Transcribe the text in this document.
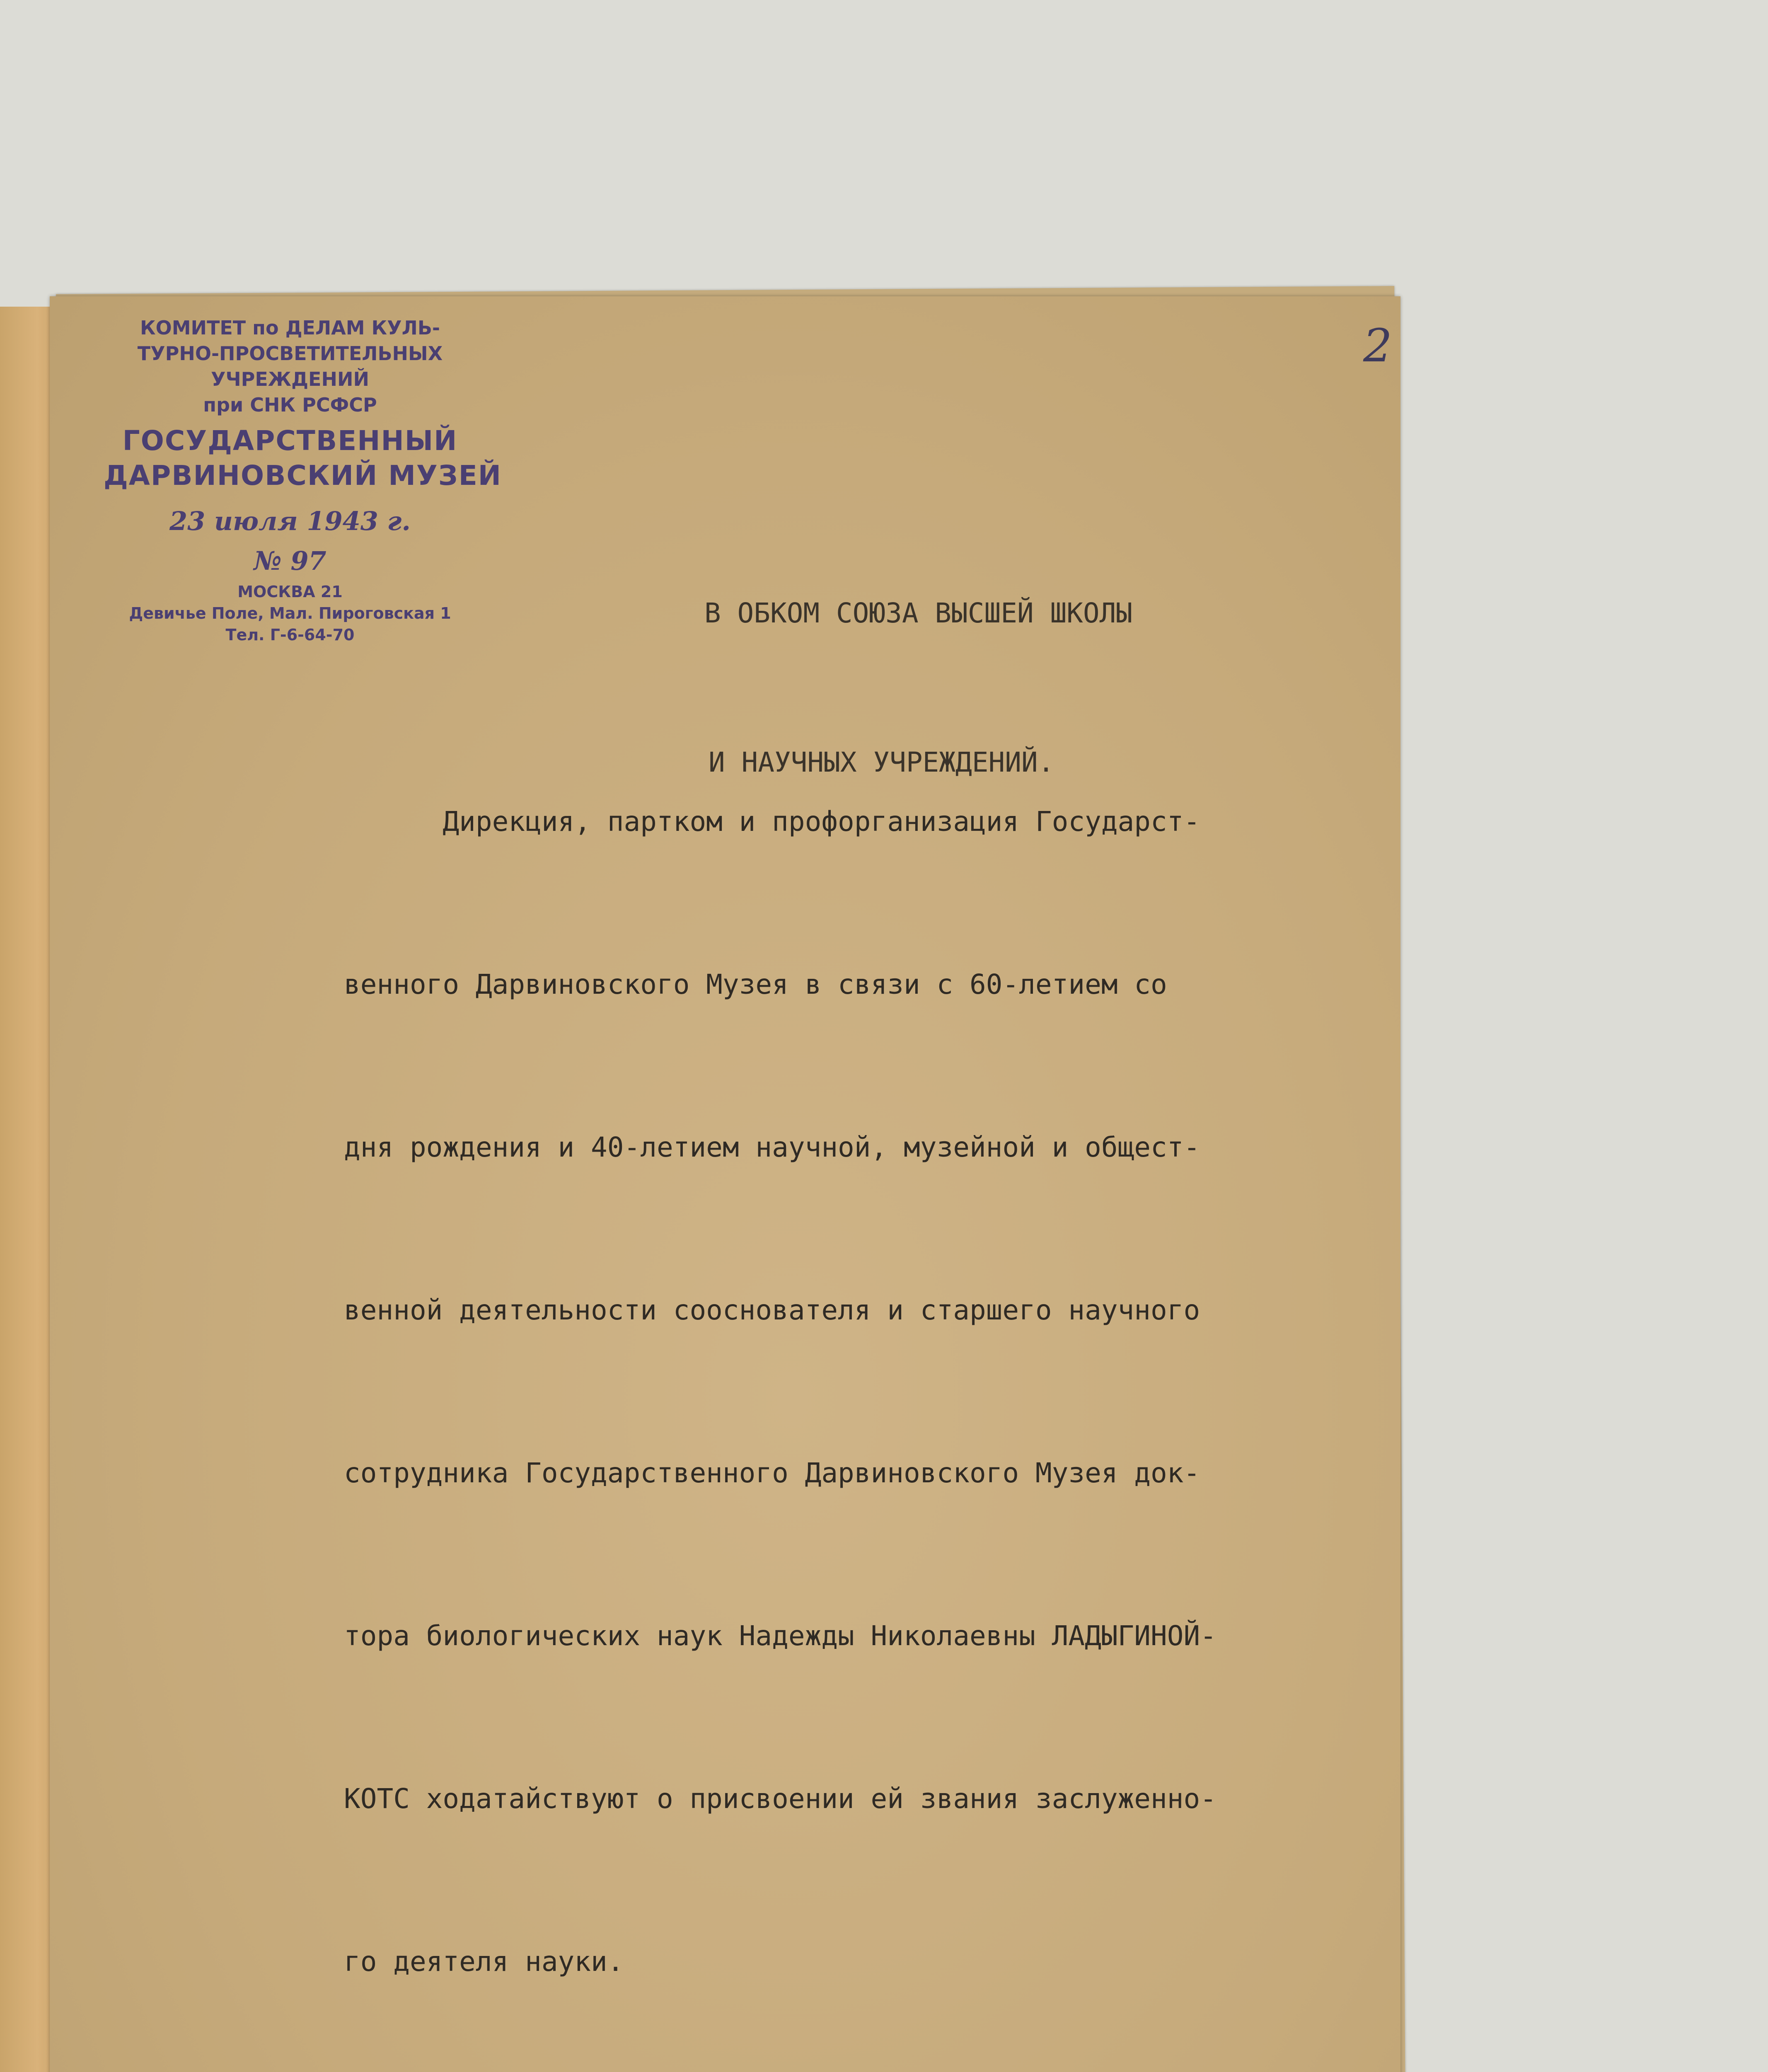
КОМИТЕТ по ДЕЛАМ КУЛЬ-
ТУРНО-ПРОСВЕТИТЕЛЬНЫХ
УЧРЕЖДЕНИЙ
при СНК РСФСР
ГОСУДАРСТВЕННЫЙ
ДАРВИНОВСКИЙ МУЗЕЙ
23 июля 1943 г.
№ 97
МОСКВА 21
Девичье Поле, Мал. Пироговская 1
Тел. Г-6-64-70
2

В ОБКОМ СОЮЗА ВЫСШЕЙ ШКОЛЫ

И НАУЧНЫХ УЧРЕЖДЕНИЙ.

Дирекция, партком и профорганизация Государст-

венного Дарвиновского Музея в связи с 60-летием со

дня рождения и 40-летием научной, музейной и общест-

венной деятельности сооснователя и старшего научного

сотрудника Государственного Дарвиновского Музея док-

тора биологических наук Надежды Николаевны ЛАДЫГИНОЙ-

КОТС ходатайствуют о присвоении ей звания заслуженно-

го деятеля науки.
